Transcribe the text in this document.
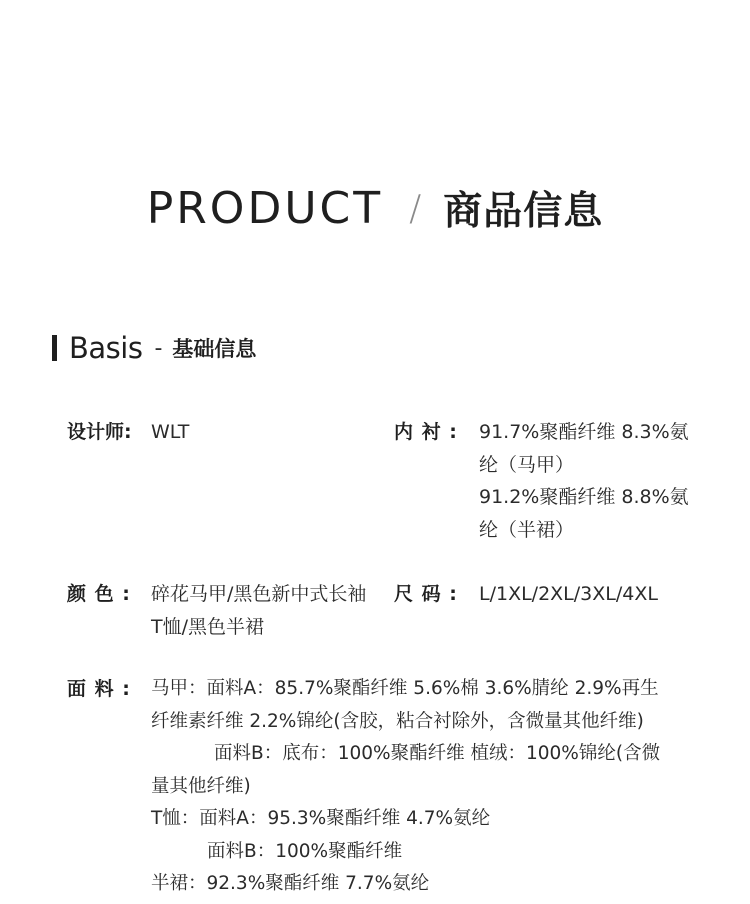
PRODUCT / 商品信息
Basis - 基础信息
设计师: WLT	内 衬 : 91.7%聚酯纤维 8.3%氨
纶（马甲）
91.2%聚酯纤维 8.8%氨
纶（半裙）
颜 色 : 碎花马甲/黑色新中式长袖
T恤/黑色半裙
尺 码 : L/1XL/2XL/3XL/4XL
面 料 : 马甲：面料A：85.7%聚酯纤维 5.6%棉 3.6%腈纶 2.9%再生
纤维素纤维 2.2%锦纶(含胶，粘合衬除外，含微量其他纤维)
面料B：底布：100%聚酯纤维 植绒：100%锦纶(含微
量其他纤维)
T恤：面料A：95.3%聚酯纤维 4.7%氨纶
面料B：100%聚酯纤维
半裙：92.3%聚酯纤维 7.7%氨纶
